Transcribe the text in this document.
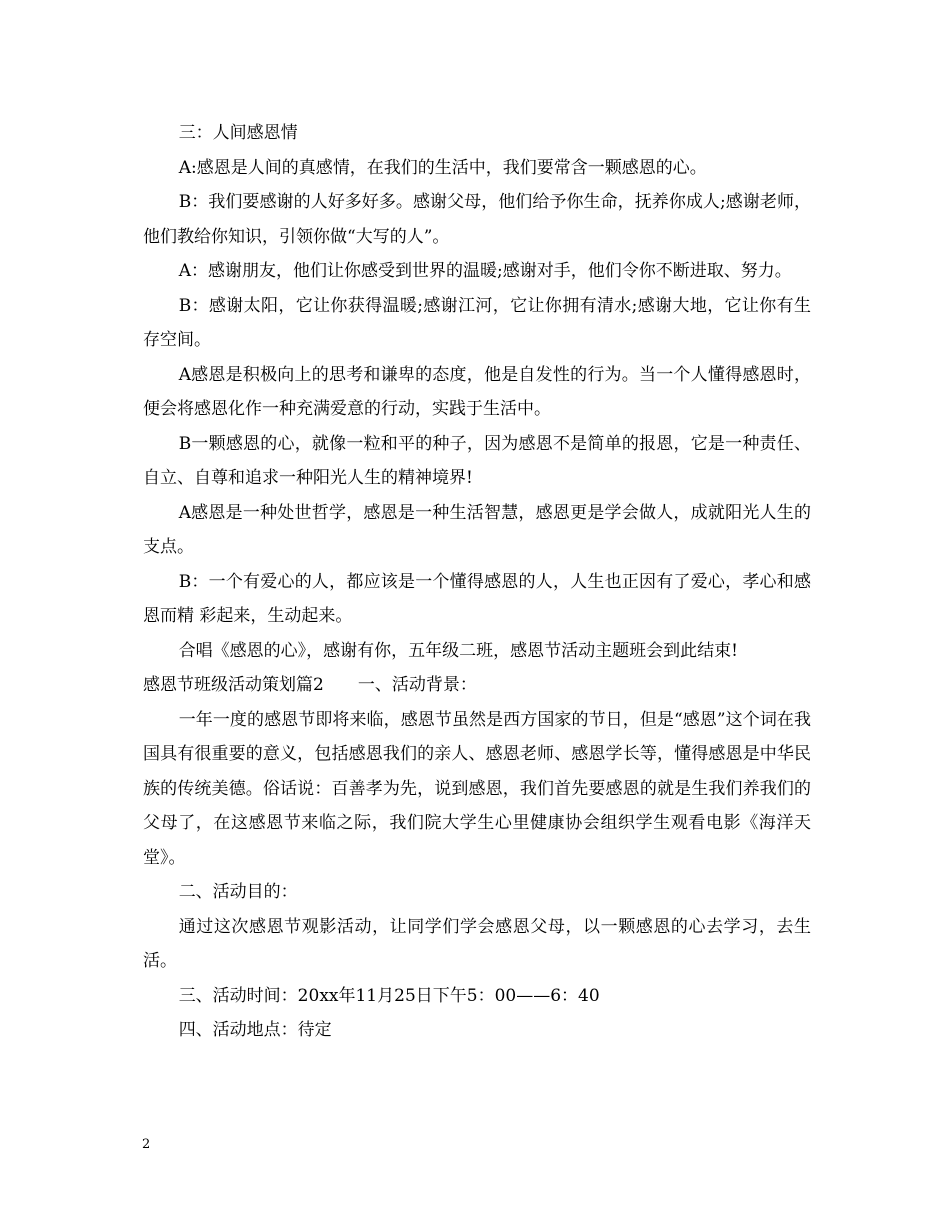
三：人间感恩情

A:感恩是人间的真感情，在我们的生活中，我们要常含一颗感恩的心。

B：我们要感谢的人好多好多。感谢父母，他们给予你生命，抚养你成人;感谢老师，他们教给你知识，引领你做“大写的人”。

A：感谢朋友，他们让你感受到世界的温暖;感谢对手，他们令你不断进取、努力。

B：感谢太阳，它让你获得温暖;感谢江河，它让你拥有清水;感谢大地，它让你有生存空间。

A感恩是积极向上的思考和谦卑的态度，他是自发性的行为。当一个人懂得感恩时，便会将感恩化作一种充满爱意的行动，实践于生活中。

B一颗感恩的心，就像一粒和平的种子，因为感恩不是简单的报恩，它是一种责任、自立、自尊和追求一种阳光人生的精神境界!

A感恩是一种处世哲学，感恩是一种生活智慧，感恩更是学会做人，成就阳光人生的支点。

B：一个有爱心的人，都应该是一个懂得感恩的人，人生也正因有了爱心，孝心和感恩而精 彩起来，生动起来。

合唱《感恩的心》，感谢有你，五年级二班，感恩节活动主题班会到此结束!

感恩节班级活动策划篇2　　一、活动背景：

一年一度的感恩节即将来临，感恩节虽然是西方国家的节日，但是“感恩”这个词在我国具有很重要的意义，包括感恩我们的亲人、感恩老师、感恩学长等，懂得感恩是中华民族的传统美德。俗话说：百善孝为先，说到感恩，我们首先要感恩的就是生我们养我们的父母了，在这感恩节来临之际，我们院大学生心里健康协会组织学生观看电影《海洋天堂》。

二、活动目的：

通过这次感恩节观影活动，让同学们学会感恩父母，以一颗感恩的心去学习，去生活。

三、活动时间：20xx年11月25日下午5：00——6：40

四、活动地点：待定

2
